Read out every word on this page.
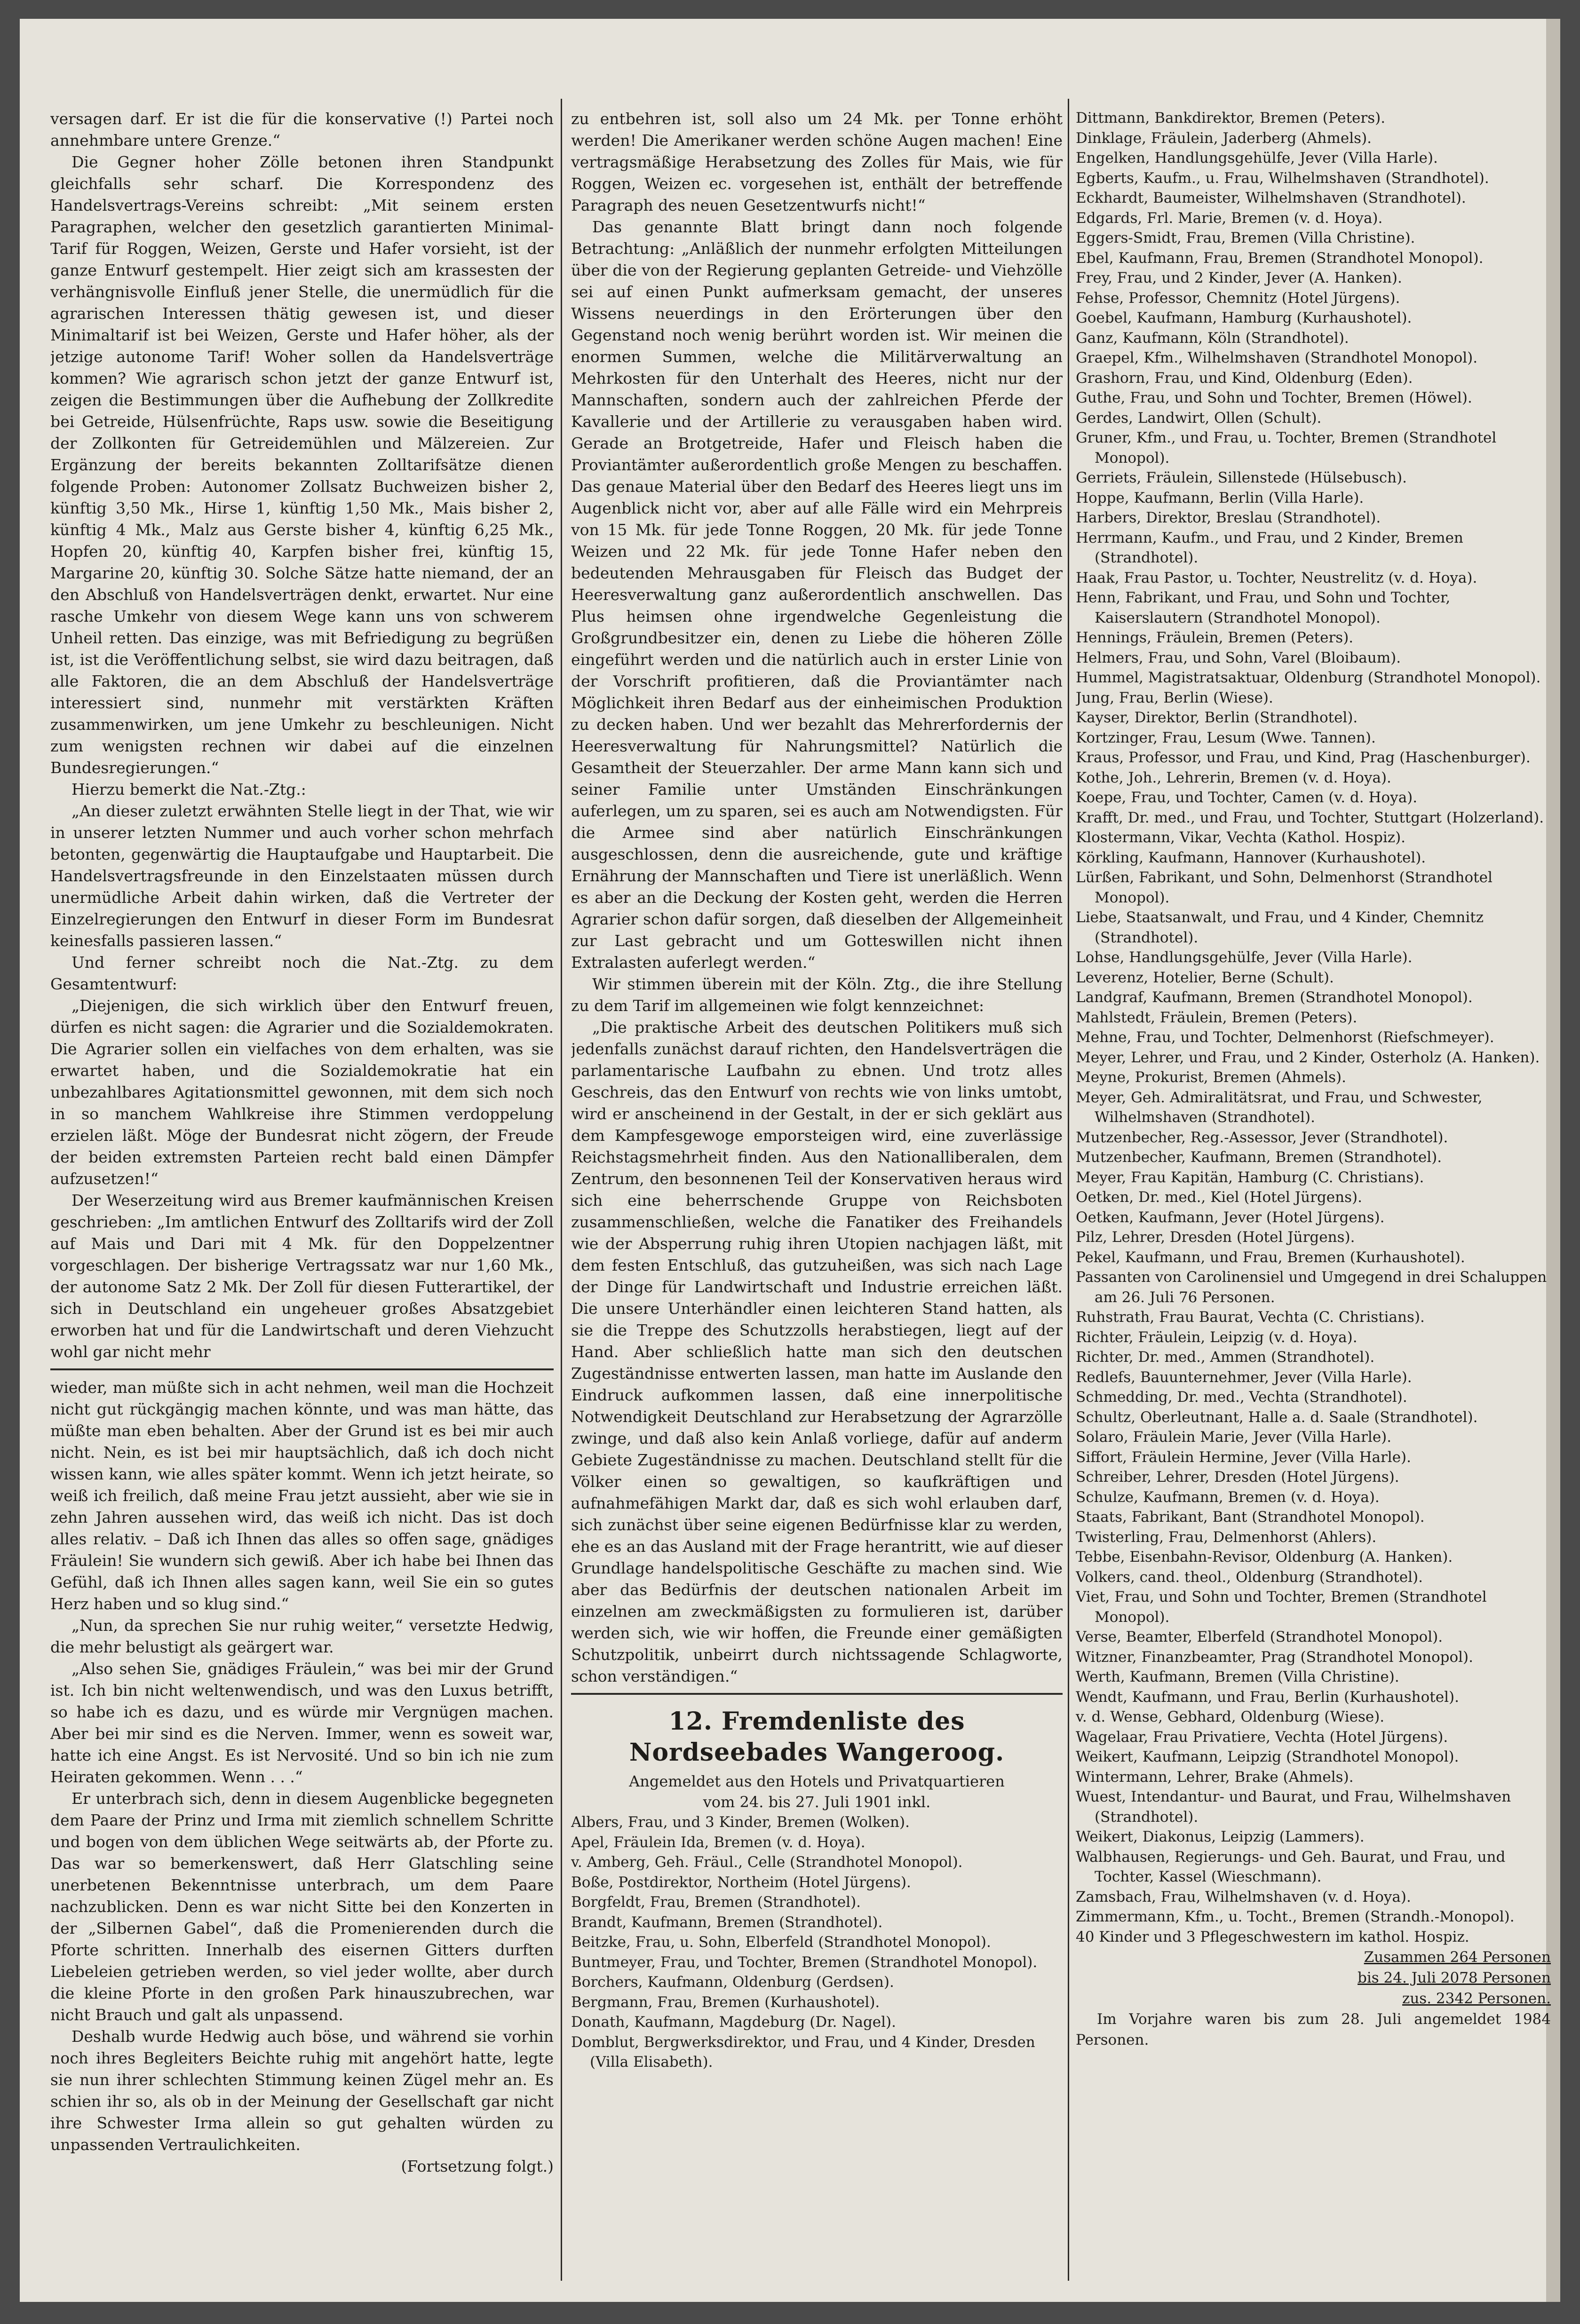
versagen darf. Er ist die für die konservative (!) Partei noch annehmbare untere Grenze.“

Die Gegner hoher Zölle betonen ihren Standpunkt gleichfalls sehr scharf. Die Korrespondenz des Handelsvertrags-Vereins schreibt: „Mit seinem ersten Paragraphen, welcher den gesetzlich garantierten Minimal-Tarif für Roggen, Weizen, Gerste und Hafer vorsieht, ist der ganze Entwurf gestempelt. Hier zeigt sich am krassesten der verhängnisvolle Einfluß jener Stelle, die unermüdlich für die agrarischen Interessen thätig gewesen ist, und dieser Minimaltarif ist bei Weizen, Gerste und Hafer höher, als der jetzige autonome Tarif! Woher sollen da Handelsverträge kommen? Wie agrarisch schon jetzt der ganze Entwurf ist, zeigen die Bestimmungen über die Aufhebung der Zollkredite bei Getreide, Hülsenfrüchte, Raps usw. sowie die Beseitigung der Zollkonten für Getreidemühlen und Mälzereien. Zur Ergänzung der bereits bekannten Zolltarifsätze dienen folgende Proben: Autonomer Zollsatz Buchweizen bisher 2, künftig 3,50 Mk., Hirse 1, künftig 1,50 Mk., Mais bisher 2, künftig 4 Mk., Malz aus Gerste bisher 4, künftig 6,25 Mk., Hopfen 20, künftig 40, Karpfen bisher frei, künftig 15, Margarine 20, künftig 30. Solche Sätze hatte niemand, der an den Abschluß von Handelsverträgen denkt, erwartet. Nur eine rasche Umkehr von diesem Wege kann uns von schwerem Unheil retten. Das einzige, was mit Befriedigung zu begrüßen ist, ist die Veröffentlichung selbst, sie wird dazu beitragen, daß alle Faktoren, die an dem Abschluß der Handelsverträge interessiert sind, nunmehr mit verstärkten Kräften zusammenwirken, um jene Umkehr zu beschleunigen. Nicht zum wenigsten rechnen wir dabei auf die einzelnen Bundesregierungen.“

Hierzu bemerkt die Nat.-Ztg.:

„An dieser zuletzt erwähnten Stelle liegt in der That, wie wir in unserer letzten Nummer und auch vorher schon mehrfach betonten, gegenwärtig die Hauptaufgabe und Hauptarbeit. Die Handelsvertragsfreunde in den Einzelstaaten müssen durch unermüdliche Arbeit dahin wirken, daß die Vertreter der Einzelregierungen den Entwurf in dieser Form im Bundesrat keinesfalls passieren lassen.“

Und ferner schreibt noch die Nat.-Ztg. zu dem Gesamtentwurf:

„Diejenigen, die sich wirklich über den Entwurf freuen, dürfen es nicht sagen: die Agrarier und die Sozialdemokraten. Die Agrarier sollen ein vielfaches von dem erhalten, was sie erwartet haben, und die Sozialdemokratie hat ein unbezahlbares Agitationsmittel gewonnen, mit dem sich noch in so manchem Wahlkreise ihre Stimmen verdoppelung erzielen läßt. Möge der Bundesrat nicht zögern, der Freude der beiden extremsten Parteien recht bald einen Dämpfer aufzusetzen!“

Der Weserzeitung wird aus Bremer kaufmännischen Kreisen geschrieben: „Im amtlichen Entwurf des Zolltarifs wird der Zoll auf Mais und Dari mit 4 Mk. für den Doppelzentner vorgeschlagen. Der bisherige Vertragssatz war nur 1,60 Mk., der autonome Satz 2 Mk. Der Zoll für diesen Futterartikel, der sich in Deutschland ein ungeheuer großes Absatzgebiet erworben hat und für die Landwirtschaft und deren Viehzucht wohl gar nicht mehr

wieder, man müßte sich in acht nehmen, weil man die Hochzeit nicht gut rückgängig machen könnte, und was man hätte, das müßte man eben behalten. Aber der Grund ist es bei mir auch nicht. Nein, es ist bei mir hauptsächlich, daß ich doch nicht wissen kann, wie alles später kommt. Wenn ich jetzt heirate, so weiß ich freilich, daß meine Frau jetzt aussieht, aber wie sie in zehn Jahren aussehen wird, das weiß ich nicht. Das ist doch alles relativ. – Daß ich Ihnen das alles so offen sage, gnädiges Fräulein! Sie wundern sich gewiß. Aber ich habe bei Ihnen das Gefühl, daß ich Ihnen alles sagen kann, weil Sie ein so gutes Herz haben und so klug sind.“

„Nun, da sprechen Sie nur ruhig weiter,“ versetzte Hedwig, die mehr belustigt als geärgert war.

„Also sehen Sie, gnädiges Fräulein,“ was bei mir der Grund ist. Ich bin nicht weltenwendisch, und was den Luxus betrifft, so habe ich es dazu, und es würde mir Vergnügen machen. Aber bei mir sind es die Nerven. Immer, wenn es soweit war, hatte ich eine Angst. Es ist Nervosité. Und so bin ich nie zum Heiraten gekommen. Wenn . . .“

Er unterbrach sich, denn in diesem Augenblicke begegneten dem Paare der Prinz und Irma mit ziemlich schnellem Schritte und bogen von dem üblichen Wege seitwärts ab, der Pforte zu. Das war so bemerkenswert, daß Herr Glatschling seine unerbetenen Bekenntnisse unterbrach, um dem Paare nachzublicken. Denn es war nicht Sitte bei den Konzerten in der „Silbernen Gabel“, daß die Promenierenden durch die Pforte schritten. Innerhalb des eisernen Gitters durften Liebeleien getrieben werden, so viel jeder wollte, aber durch die kleine Pforte in den großen Park hinauszubrechen, war nicht Brauch und galt als unpassend.

Deshalb wurde Hedwig auch böse, und während sie vorhin noch ihres Begleiters Beichte ruhig mit angehört hatte, legte sie nun ihrer schlechten Stimmung keinen Zügel mehr an. Es schien ihr so, als ob in der Meinung der Gesellschaft gar nicht ihre Schwester Irma allein so gut gehalten würden zu unpassenden Vertraulichkeiten.

(Fortsetzung folgt.)

zu entbehren ist, soll also um 24 Mk. per Tonne erhöht werden! Die Amerikaner werden schöne Augen machen! Eine vertragsmäßige Herabsetzung des Zolles für Mais, wie für Roggen, Weizen ec. vorgesehen ist, enthält der betreffende Paragraph des neuen Gesetzentwurfs nicht!“

Das genannte Blatt bringt dann noch folgende Betrachtung: „Anläßlich der nunmehr erfolgten Mitteilungen über die von der Regierung geplanten Getreide- und Viehzölle sei auf einen Punkt aufmerksam gemacht, der unseres Wissens neuerdings in den Erörterungen über den Gegenstand noch wenig berührt worden ist. Wir meinen die enormen Summen, welche die Militärverwaltung an Mehrkosten für den Unterhalt des Heeres, nicht nur der Mannschaften, sondern auch der zahlreichen Pferde der Kavallerie und der Artillerie zu verausgaben haben wird. Gerade an Brotgetreide, Hafer und Fleisch haben die Proviantämter außerordentlich große Mengen zu beschaffen. Das genaue Material über den Bedarf des Heeres liegt uns im Augenblick nicht vor, aber auf alle Fälle wird ein Mehrpreis von 15 Mk. für jede Tonne Roggen, 20 Mk. für jede Tonne Weizen und 22 Mk. für jede Tonne Hafer neben den bedeutenden Mehrausgaben für Fleisch das Budget der Heeresverwaltung ganz außerordentlich anschwellen. Das Plus heimsen ohne irgendwelche Gegenleistung die Großgrundbesitzer ein, denen zu Liebe die höheren Zölle eingeführt werden und die natürlich auch in erster Linie von der Vorschrift profitieren, daß die Proviantämter nach Möglichkeit ihren Bedarf aus der einheimischen Produktion zu decken haben. Und wer bezahlt das Mehrerfordernis der Heeresverwaltung für Nahrungsmittel? Natürlich die Gesamtheit der Steuerzahler. Der arme Mann kann sich und seiner Familie unter Umständen Einschränkungen auferlegen, um zu sparen, sei es auch am Notwendigsten. Für die Armee sind aber natürlich Einschränkungen ausgeschlossen, denn die ausreichende, gute und kräftige Ernährung der Mannschaften und Tiere ist unerläßlich. Wenn es aber an die Deckung der Kosten geht, werden die Herren Agrarier schon dafür sorgen, daß dieselben der Allgemeinheit zur Last gebracht und um Gotteswillen nicht ihnen Extralasten auferlegt werden.“

Wir stimmen überein mit der Köln. Ztg., die ihre Stellung zu dem Tarif im allgemeinen wie folgt kennzeichnet:

„Die praktische Arbeit des deutschen Politikers muß sich jedenfalls zunächst darauf richten, den Handelsverträgen die parlamentarische Laufbahn zu ebnen. Und trotz alles Geschreis, das den Entwurf von rechts wie von links umtobt, wird er anscheinend in der Gestalt, in der er sich geklärt aus dem Kampfesgewoge emporsteigen wird, eine zuverlässige Reichstagsmehrheit finden. Aus den Nationalliberalen, dem Zentrum, den besonnenen Teil der Konservativen heraus wird sich eine beherrschende Gruppe von Reichsboten zusammenschließen, welche die Fanatiker des Freihandels wie der Absperrung ruhig ihren Utopien nachjagen läßt, mit dem festen Entschluß, das gutzuheißen, was sich nach Lage der Dinge für Landwirtschaft und Industrie erreichen läßt. Die unsere Unterhändler einen leichteren Stand hatten, als sie die Treppe des Schutzzolls herabstiegen, liegt auf der Hand. Aber schließlich hatte man sich den deutschen Zugeständnisse entwerten lassen, man hatte im Auslande den Eindruck aufkommen lassen, daß eine innerpolitische Notwendigkeit Deutschland zur Herabsetzung der Agrarzölle zwinge, und daß also kein Anlaß vorliege, dafür auf anderm Gebiete Zugeständnisse zu machen. Deutschland stellt für die Völker einen so gewaltigen, so kaufkräftigen und aufnahmefähigen Markt dar, daß es sich wohl erlauben darf, sich zunächst über seine eigenen Bedürfnisse klar zu werden, ehe es an das Ausland mit der Frage herantritt, wie auf dieser Grundlage handelspolitische Geschäfte zu machen sind. Wie aber das Bedürfnis der deutschen nationalen Arbeit im einzelnen am zweckmäßigsten zu formulieren ist, darüber werden sich, wie wir hoffen, die Freunde einer gemäßigten Schutzpolitik, unbeirrt durch nichtssagende Schlagworte, schon verständigen.“

12. Fremdenliste des Nordseebades Wangeroog.

Angemeldet aus den Hotels und Privatquartieren

vom 24. bis 27. Juli 1901 inkl.

Albers, Frau, und 3 Kinder, Bremen (Wolken).

Apel, Fräulein Ida, Bremen (v. d. Hoya).

v. Amberg, Geh. Fräul., Celle (Strandhotel Monopol).

Boße, Postdirektor, Northeim (Hotel Jürgens).

Borgfeldt, Frau, Bremen (Strandhotel).

Brandt, Kaufmann, Bremen (Strandhotel).

Beitzke, Frau, u. Sohn, Elberfeld (Strandhotel Monopol).

Buntmeyer, Frau, und Tochter, Bremen (Strandhotel Monopol).

Borchers, Kaufmann, Oldenburg (Gerdsen).

Bergmann, Frau, Bremen (Kurhaushotel).

Donath, Kaufmann, Magdeburg (Dr. Nagel).

Domblut, Bergwerksdirektor, und Frau, und 4 Kinder, Dresden (Villa Elisabeth).

Dittmann, Bankdirektor, Bremen (Peters).

Dinklage, Fräulein, Jaderberg (Ahmels).

Engelken, Handlungsgehülfe, Jever (Villa Harle).

Egberts, Kaufm., u. Frau, Wilhelmshaven (Strandhotel).

Eckhardt, Baumeister, Wilhelmshaven (Strandhotel).

Edgards, Frl. Marie, Bremen (v. d. Hoya).

Eggers-Smidt, Frau, Bremen (Villa Christine).

Ebel, Kaufmann, Frau, Bremen (Strandhotel Monopol).

Frey, Frau, und 2 Kinder, Jever (A. Hanken).

Fehse, Professor, Chemnitz (Hotel Jürgens).

Goebel, Kaufmann, Hamburg (Kurhaushotel).

Ganz, Kaufmann, Köln (Strandhotel).

Graepel, Kfm., Wilhelmshaven (Strandhotel Monopol).

Grashorn, Frau, und Kind, Oldenburg (Eden).

Guthe, Frau, und Sohn und Tochter, Bremen (Höwel).

Gerdes, Landwirt, Ollen (Schult).

Gruner, Kfm., und Frau, u. Tochter, Bremen (Strandhotel Monopol).

Gerriets, Fräulein, Sillenstede (Hülsebusch).

Hoppe, Kaufmann, Berlin (Villa Harle).

Harbers, Direktor, Breslau (Strandhotel).

Herrmann, Kaufm., und Frau, und 2 Kinder, Bremen (Strandhotel).

Haak, Frau Pastor, u. Tochter, Neustrelitz (v. d. Hoya).

Henn, Fabrikant, und Frau, und Sohn und Tochter, Kaiserslautern (Strandhotel Monopol).

Hennings, Fräulein, Bremen (Peters).

Helmers, Frau, und Sohn, Varel (Bloibaum).

Hummel, Magistratsaktuar, Oldenburg (Strandhotel Monopol).

Jung, Frau, Berlin (Wiese).

Kayser, Direktor, Berlin (Strandhotel).

Kortzinger, Frau, Lesum (Wwe. Tannen).

Kraus, Professor, und Frau, und Kind, Prag (Haschenburger).

Kothe, Joh., Lehrerin, Bremen (v. d. Hoya).

Koepe, Frau, und Tochter, Camen (v. d. Hoya).

Krafft, Dr. med., und Frau, und Tochter, Stuttgart (Holzerland).

Klostermann, Vikar, Vechta (Kathol. Hospiz).

Körkling, Kaufmann, Hannover (Kurhaushotel).

Lürßen, Fabrikant, und Sohn, Delmenhorst (Strandhotel Monopol).

Liebe, Staatsanwalt, und Frau, und 4 Kinder, Chemnitz (Strandhotel).

Lohse, Handlungsgehülfe, Jever (Villa Harle).

Leverenz, Hotelier, Berne (Schult).

Landgraf, Kaufmann, Bremen (Strandhotel Monopol).

Mahlstedt, Fräulein, Bremen (Peters).

Mehne, Frau, und Tochter, Delmenhorst (Riefschmeyer).

Meyer, Lehrer, und Frau, und 2 Kinder, Osterholz (A. Hanken).

Meyne, Prokurist, Bremen (Ahmels).

Meyer, Geh. Admiralitätsrat, und Frau, und Schwester, Wilhelmshaven (Strandhotel).

Mutzenbecher, Reg.-Assessor, Jever (Strandhotel).

Mutzenbecher, Kaufmann, Bremen (Strandhotel).

Meyer, Frau Kapitän, Hamburg (C. Christians).

Oetken, Dr. med., Kiel (Hotel Jürgens).

Oetken, Kaufmann, Jever (Hotel Jürgens).

Pilz, Lehrer, Dresden (Hotel Jürgens).

Pekel, Kaufmann, und Frau, Bremen (Kurhaushotel).

Passanten von Carolinensiel und Umgegend in drei Schaluppen am 26. Juli 76 Personen.

Ruhstrath, Frau Baurat, Vechta (C. Christians).

Richter, Fräulein, Leipzig (v. d. Hoya).

Richter, Dr. med., Ammen (Strandhotel).

Redlefs, Bauunternehmer, Jever (Villa Harle).

Schmedding, Dr. med., Vechta (Strandhotel).

Schultz, Oberleutnant, Halle a. d. Saale (Strandhotel).

Solaro, Fräulein Marie, Jever (Villa Harle).

Siffort, Fräulein Hermine, Jever (Villa Harle).

Schreiber, Lehrer, Dresden (Hotel Jürgens).

Schulze, Kaufmann, Bremen (v. d. Hoya).

Staats, Fabrikant, Bant (Strandhotel Monopol).

Twisterling, Frau, Delmenhorst (Ahlers).

Tebbe, Eisenbahn-Revisor, Oldenburg (A. Hanken).

Volkers, cand. theol., Oldenburg (Strandhotel).

Viet, Frau, und Sohn und Tochter, Bremen (Strandhotel Monopol).

Verse, Beamter, Elberfeld (Strandhotel Monopol).

Witzner, Finanzbeamter, Prag (Strandhotel Monopol).

Werth, Kaufmann, Bremen (Villa Christine).

Wendt, Kaufmann, und Frau, Berlin (Kurhaushotel).

v. d. Wense, Gebhard, Oldenburg (Wiese).

Wagelaar, Frau Privatiere, Vechta (Hotel Jürgens).

Weikert, Kaufmann, Leipzig (Strandhotel Monopol).

Wintermann, Lehrer, Brake (Ahmels).

Wuest, Intendantur- und Baurat, und Frau, Wilhelmshaven (Strandhotel).

Weikert, Diakonus, Leipzig (Lammers).

Walbhausen, Regierungs- und Geh. Baurat, und Frau, und Tochter, Kassel (Wieschmann).

Zamsbach, Frau, Wilhelmshaven (v. d. Hoya).

Zimmermann, Kfm., u. Tocht., Bremen (Strandh.-Monopol).

40 Kinder und 3 Pflegeschwestern im kathol. Hospiz.

Zusammen 264 Personen

bis 24. Juli 2078 Personen

zus. 2342 Personen.

Im Vorjahre waren bis zum 28. Juli angemeldet 1984 Personen.
